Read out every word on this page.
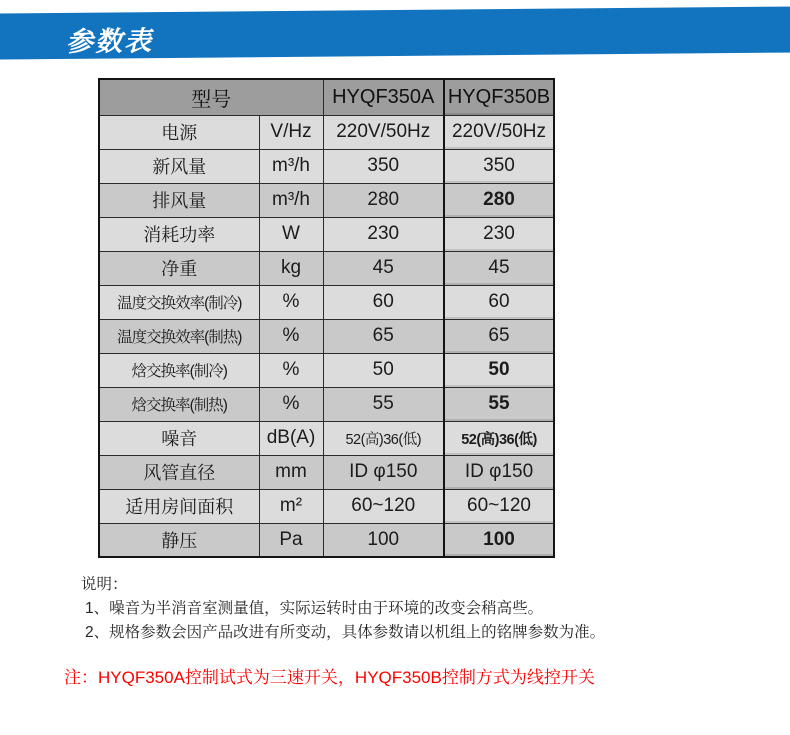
参数表
型号		HYQF350A	HYQF350B
电源	V/Hz	220V/50Hz	220V/50Hz
新风量	m³/h	350	350
排风量	m³/h	280	280
消耗功率	W	230	230
净重	kg	45	45
温度交换效率(制冷)	%	60	60
温度交换效率(制热)	%	65	65
焓交换率(制冷)	%	50	50
焓交换率(制热)	%	55	55
噪音	dB(A)	52(高)36(低)	52(高)36(低)
风管直径	mm	ID φ150	ID φ150
适用房间面积	m²	60~120	60~120
静压	Pa	100	100

说明：

1、噪音为半消音室测量值，实际运转时由于环境的改变会稍高些。

2、规格参数会因产品改进有所变动，具体参数请以机组上的铭牌参数为准。

注：HYQF350A控制试式为三速开关，HYQF350B控制方式为线控开关
